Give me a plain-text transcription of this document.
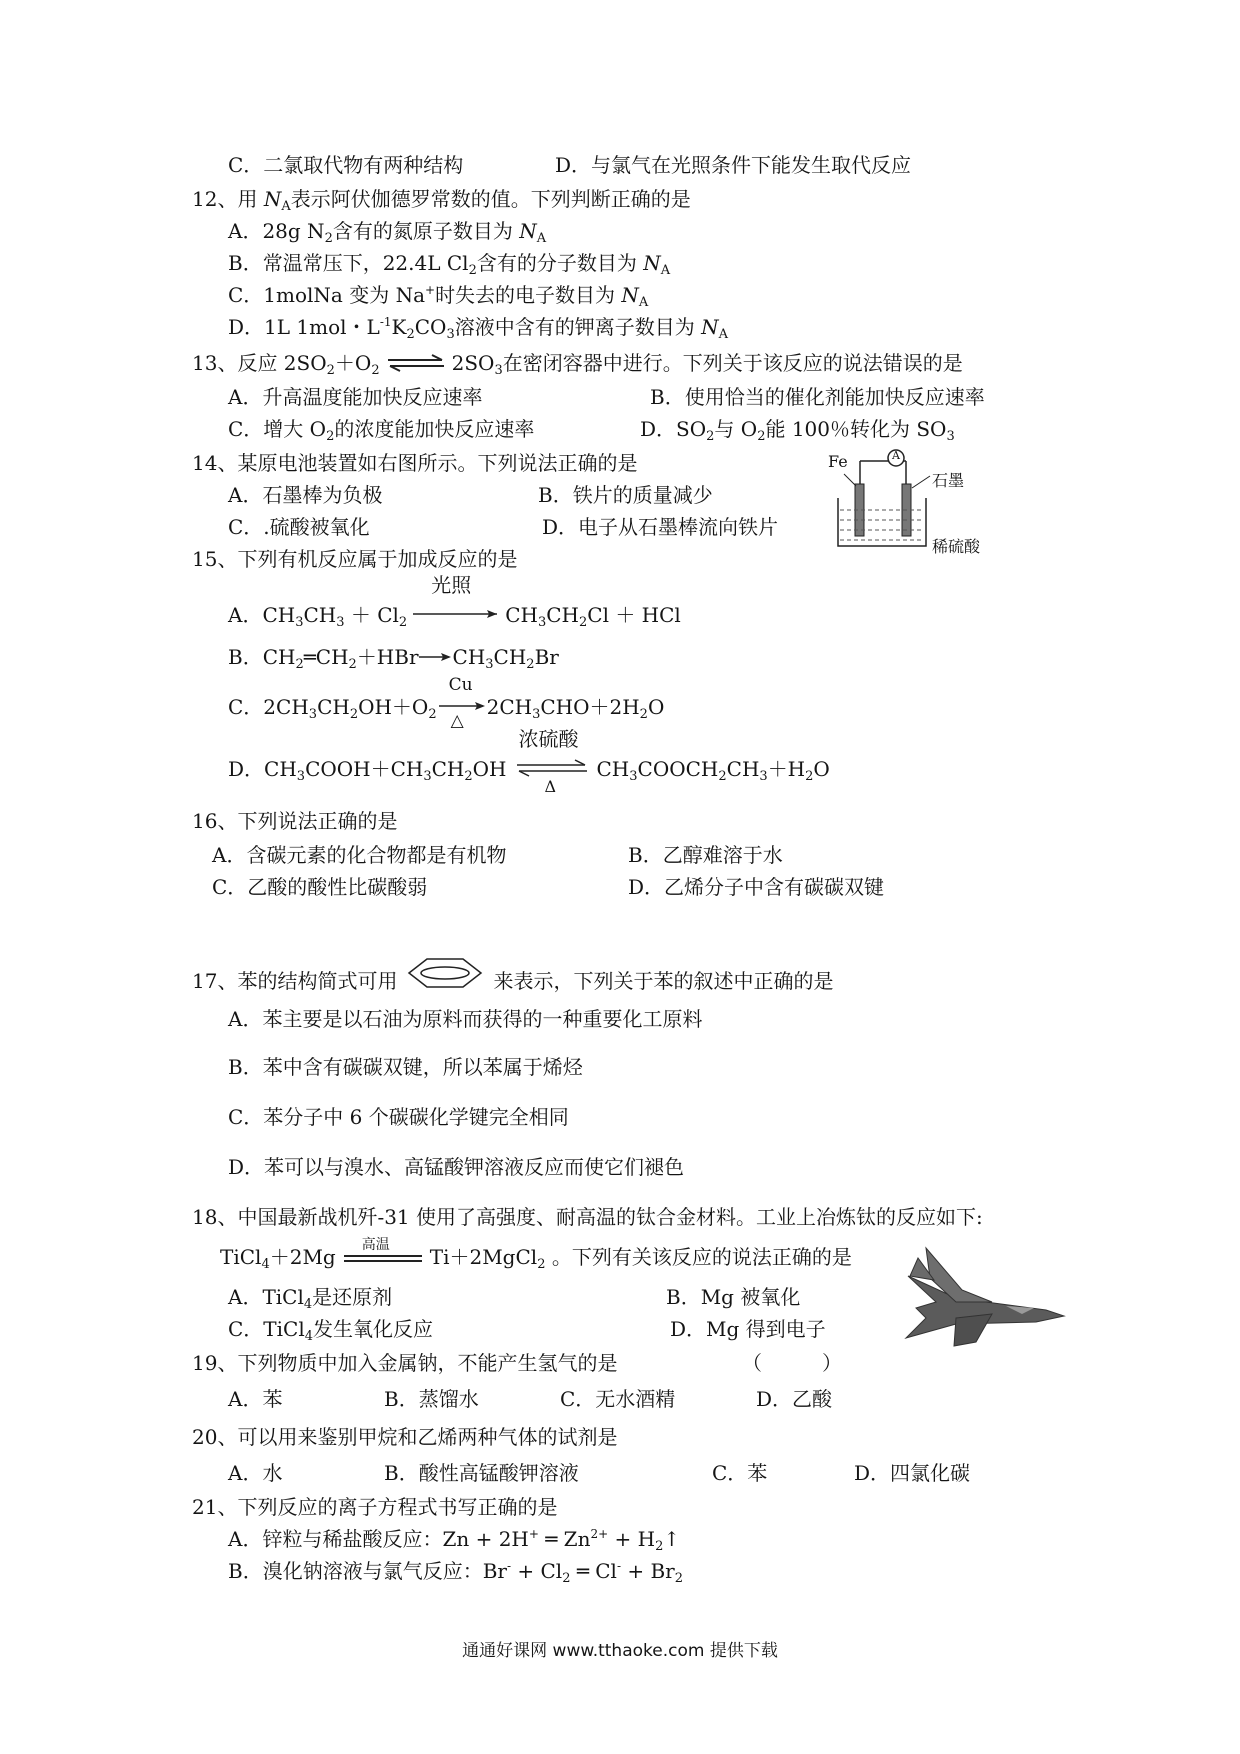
C．二氯取代物有两种结构	D．与氯气在光照条件下能发生取代反应
12、用 $N_A$表示阿伏伽德罗常数的值。下列判断正确的是
A．28g $N_2$含有的氮原子数目为 $N_A$
B．常温常压下，22.4L $Cl_2$含有的分子数目为 $N_A$
C．1molNa 变为 Na+时失去的电子数目为 $N_A$
D．1L 1mol・$L^{-1}K_2CO_3$溶液中含有的钾离子数目为 $N_A$
13、反应 $2SO_2+O_2$ ⇌ $2SO_3$在密闭容器中进行。下列关于该反应的说法错误的是
A．升高温度能加快反应速率	B．使用恰当的催化剂能加快反应速率
C．增大 $O_2$的浓度能加快反应速率	D．$SO_2$与 $O_2$能 100％转化为 $SO_3$
14、某原电池装置如右图所示。下列说法正确的是
A．石墨棒为负极	B．铁片的质量减少
C．.硫酸被氧化	D．电子从石墨棒流向铁片
Fe	A
石墨
稀硫酸
15、下列有机反应属于加成反应的是
A．$CH_3CH_3 + Cl_2$
光照
$CH_3CH_2Cl$ ＋ HCl
B．$CH_2═CH_2+HBr\to CH_3CH_2Br$
C．$2CH_3CH_2OH+O_2$
Cu
△
$2CH_3CHO+2H_2O$
D．$CH_3COOH+CH_3CH_2OH$
浓硫酸
Δ
$CH_3COOCH_2CH_3+H_2O$
16、下列说法正确的是
A．含碳元素的化合物都是有机物	B．乙醇难溶于水
C．乙酸的酸性比碳酸弱	D．乙烯分子中含有碳碳双键
17、苯的结构简式可用	来表示，下列关于苯的叙述中正确的是
A．苯主要是以石油为原料而获得的一种重要化工原料
B．苯中含有碳碳双键，所以苯属于烯烃
C．苯分子中 6 个碳碳化学键完全相同
D．苯可以与溴水、高锰酸钾溶液反应而使它们褪色
18、中国最新战机歼-31 使用了高强度、耐高温的钛合金材料。工业上冶炼钛的反应如下:
TiCl$_4$＋2Mg 高温 Ti＋2MgCl$_2$ 。下列有关该反应的说法正确的是
A．TiCl$_4$是还原剂	B．Mg 被氧化
C．TiCl$_4$发生氧化反应	D．Mg 得到电子
19、下列物质中加入金属钠，不能产生氢气的是	（　　　）
A．苯	B．蒸馏水	C．无水酒精	D．乙酸
20、可以用来鉴别甲烷和乙烯两种气体的试剂是
A．水	B．酸性高锰酸钾溶液	C．苯	D．四氯化碳
21、下列反应的离子方程式书写正确的是
A．锌粒与稀盐酸反应：Zn + 2H+ ═ $Zn^{2+}$ + $H_2↑$
B．溴化钠溶液与氯气反应：$Br^- + Cl_2$ ═ $Cl^- + Br_2$
通通好课网 www.tthaoke.com 提供下载
